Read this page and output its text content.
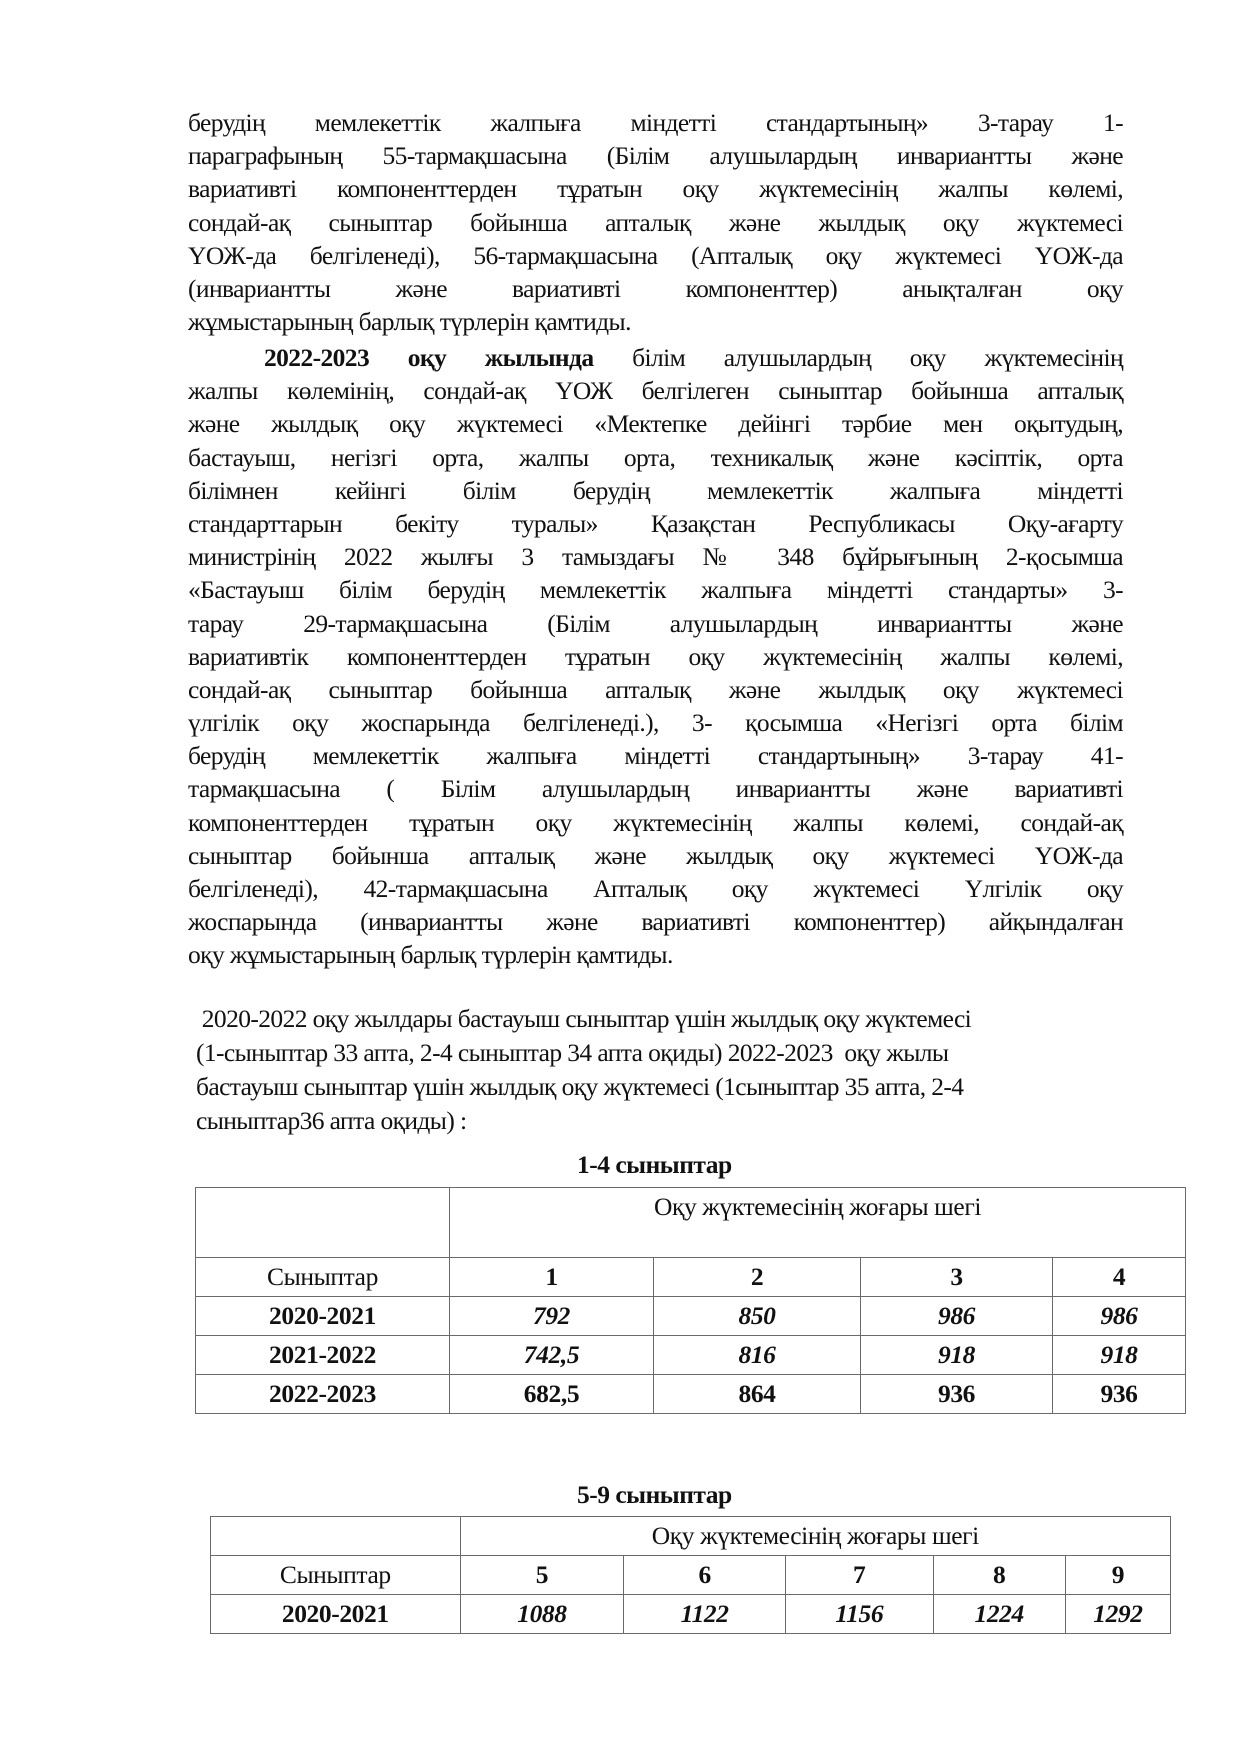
берудің мемлекеттік жалпыға міндетті стандартының» 3-тарау 1-
параграфының 55-тармақшасына (Білім алушылардың инвариантты және
вариативті компоненттерден тұратын оқу жүктемесінің жалпы көлемі,
сондай-ақ сыныптар бойынша апталық және жылдық оқу жүктемесі
ҮОЖ-да белгіленеді), 56-тармақшасына (Апталық оқу жүктемесі ҮОЖ-да
(инвариантты және вариативті компоненттер) анықталған оқу
жұмыстарының барлық түрлерін қамтиды.
2022-2023 оқу жылында білім алушылардың оқу жүктемесінің
жалпы көлемінің, сондай-ақ ҮОЖ белгілеген сыныптар бойынша апталық
және жылдық оқу жүктемесі «Мектепке дейінгі тәрбие мен оқытудың,
бастауыш, негізгі орта, жалпы орта, техникалық және кәсіптік, орта
білімнен кейінгі білім берудің мемлекеттік жалпыға міндетті
стандарттарын бекіту туралы» Қазақстан Республикасы Оқу-ағарту
министрінің 2022 жылғы 3 тамыздағы № 348 бұйрығының 2-қосымша
«Бастауыш білім берудің мемлекеттік жалпыға міндетті стандарты» 3-
тарау 29-тармақшасына (Білім алушылардың инвариантты және
вариативтік компоненттерден тұратын оқу жүктемесінің жалпы көлемі,
сондай-ақ сыныптар бойынша апталық және жылдық оқу жүктемесі
үлгілік оқу жоспарында белгіленеді.), 3- қосымша «Негізгі орта білім
берудің мемлекеттік жалпыға міндетті стандартының» 3-тарау 41-
тармақшасына ( Білім алушылардың инвариантты және вариативті
компоненттерден тұратын оқу жүктемесінің жалпы көлемі, сондай-ақ
сыныптар бойынша апталық және жылдық оқу жүктемесі ҮОЖ-да
белгіленеді), 42-тармақшасына Апталық оқу жүктемесі Үлгілік оқу
жоспарында (инвариантты және вариативті компоненттер) айқындалған
оқу жұмыстарының барлық түрлерін қамтиды.
2020-2022 оқу жылдары бастауыш сыныптар үшін жылдық оқу жүктемесі
(1-сыныптар 33 апта, 2-4 сыныптар 34 апта оқиды) 2022-2023  оқу жылы
бастауыш сыныптар үшін жылдық оқу жүктемесі (1сыныптар 35 апта, 2-4
сыныптар36 апта оқиды) :
1-4 сыныптар
	Оқу жүктемесінің жоғары шегі			
Сыныптар	1	2	3	4
2020-2021	792	850	986	986
2021-2022	742,5	816	918	918
2022-2023	682,5	864	936	936
5-9 сыныптар
	Оқу жүктемесінің жоғары шегі				
Сыныптар	5	6	7	8	9
2020-2021	1088	1122	1156	1224	1292
